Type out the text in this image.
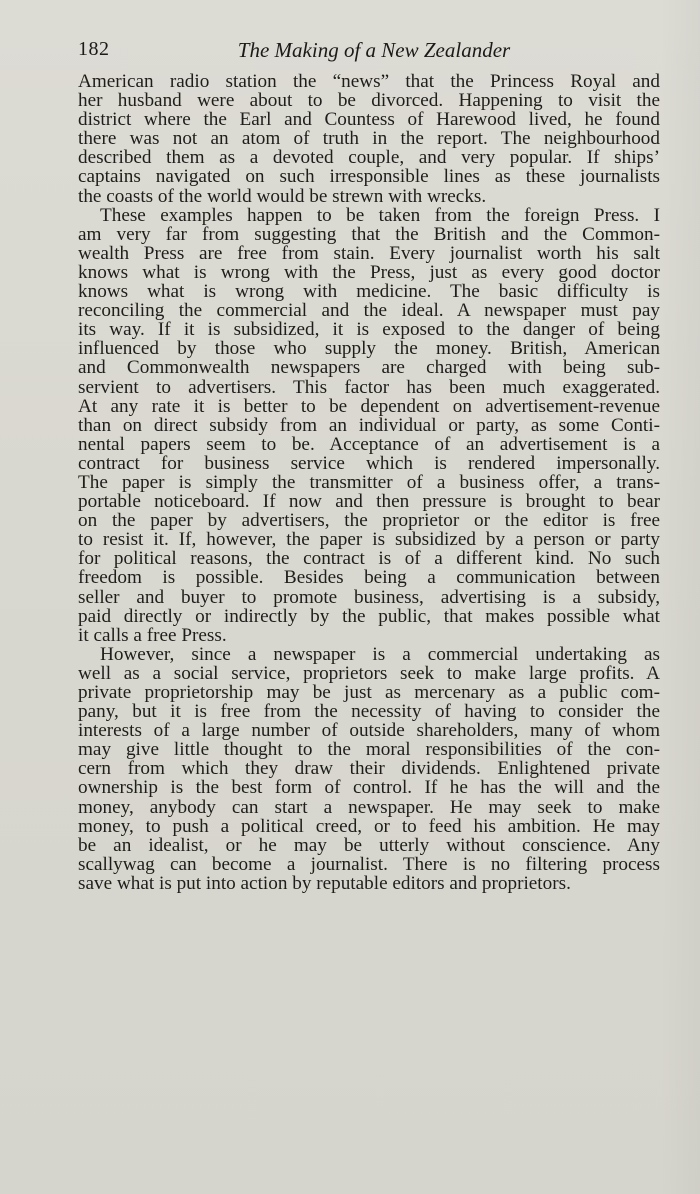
182	The Making of a New Zealander
American radio station the “news” that the Princess Royal and
her husband were about to be divorced. Happening to visit the
district where the Earl and Countess of Harewood lived, he found
there was not an atom of truth in the report. The neighbourhood
described them as a devoted couple, and very popular. If ships’
captains navigated on such irresponsible lines as these journalists
the coasts of the world would be strewn with wrecks.
These examples happen to be taken from the foreign Press. I
am very far from suggesting that the British and the Common-
wealth Press are free from stain. Every journalist worth his salt
knows what is wrong with the Press, just as every good doctor
knows what is wrong with medicine. The basic difficulty is
reconciling the commercial and the ideal. A newspaper must pay
its way. If it is subsidized, it is exposed to the danger of being
influenced by those who supply the money. British, American
and Commonwealth newspapers are charged with being sub-
servient to advertisers. This factor has been much exaggerated.
At any rate it is better to be dependent on advertisement-revenue
than on direct subsidy from an individual or party, as some Conti-
nental papers seem to be. Acceptance of an advertisement is a
contract for business service which is rendered impersonally.
The paper is simply the transmitter of a business offer, a trans-
portable noticeboard. If now and then pressure is brought to bear
on the paper by advertisers, the proprietor or the editor is free
to resist it. If, however, the paper is subsidized by a person or party
for political reasons, the contract is of a different kind. No such
freedom is possible. Besides being a communication between
seller and buyer to promote business, advertising is a subsidy,
paid directly or indirectly by the public, that makes possible what
it calls a free Press.
However, since a newspaper is a commercial undertaking as
well as a social service, proprietors seek to make large profits. A
private proprietorship may be just as mercenary as a public com-
pany, but it is free from the necessity of having to consider the
interests of a large number of outside shareholders, many of whom
may give little thought to the moral responsibilities of the con-
cern from which they draw their dividends. Enlightened private
ownership is the best form of control. If he has the will and the
money, anybody can start a newspaper. He may seek to make
money, to push a political creed, or to feed his ambition. He may
be an idealist, or he may be utterly without conscience. Any
scallywag can become a journalist. There is no filtering process
save what is put into action by reputable editors and proprietors.
